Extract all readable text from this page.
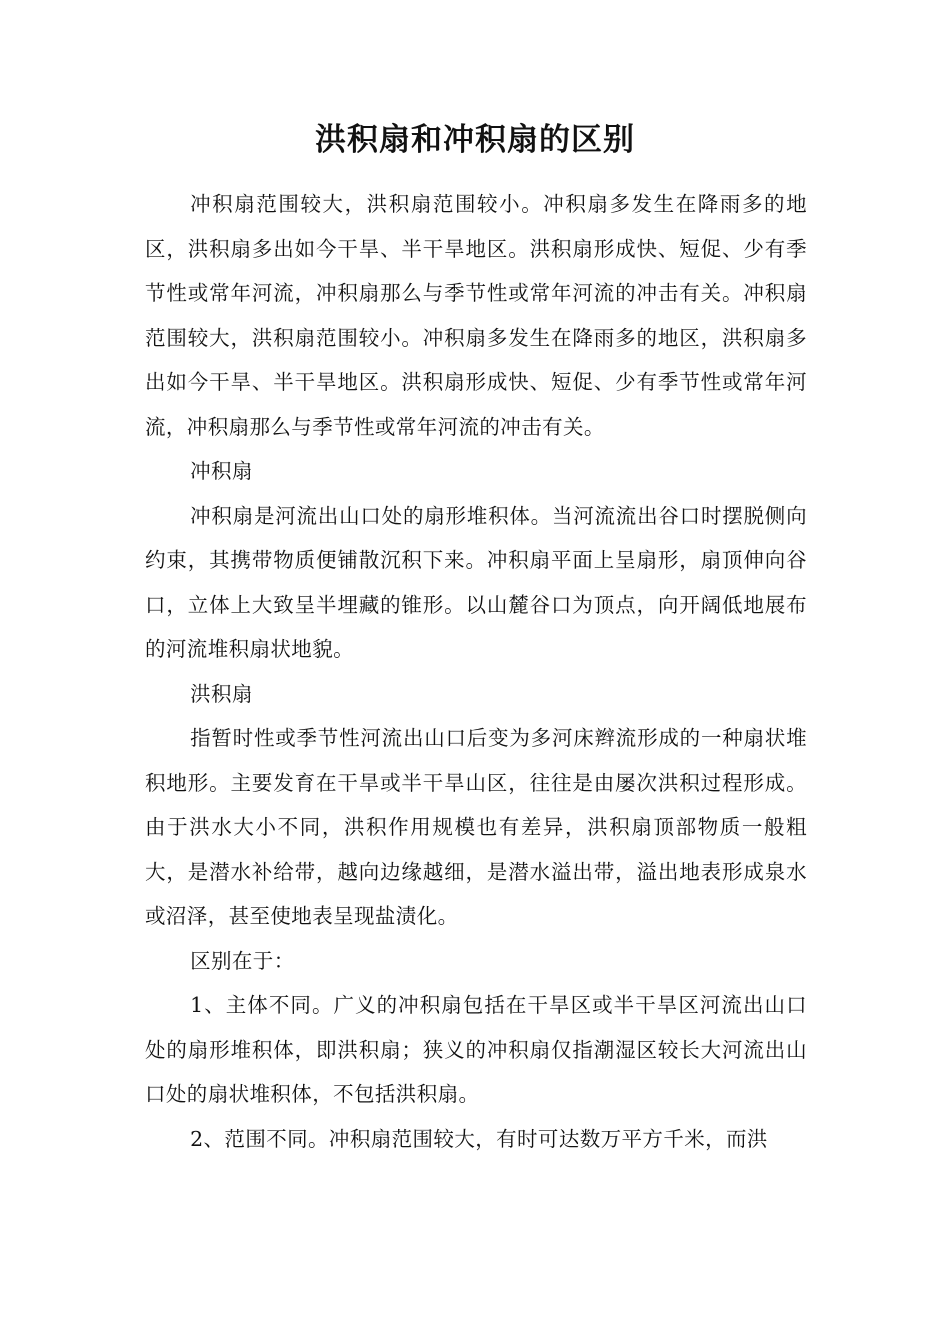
洪积扇和冲积扇的区别

冲积扇范围较大，洪积扇范围较小。冲积扇多发生在降雨多的地区，洪积扇多出如今干旱、半干旱地区。洪积扇形成快、短促、少有季节性或常年河流，冲积扇那么与季节性或常年河流的冲击有关。冲积扇范围较大，洪积扇范围较小。冲积扇多发生在降雨多的地区，洪积扇多出如今干旱、半干旱地区。洪积扇形成快、短促、少有季节性或常年河流，冲积扇那么与季节性或常年河流的冲击有关。

冲积扇

冲积扇是河流出山口处的扇形堆积体。当河流流出谷口时摆脱侧向约束，其携带物质便铺散沉积下来。冲积扇平面上呈扇形，扇顶伸向谷口，立体上大致呈半埋藏的锥形。以山麓谷口为顶点，向开阔低地展布的河流堆积扇状地貌。

洪积扇

指暂时性或季节性河流出山口后变为多河床辫流形成的一种扇状堆积地形。主要发育在干旱或半干旱山区，往往是由屡次洪积过程形成。由于洪水大小不同，洪积作用规模也有差异，洪积扇顶部物质一般粗大，是潜水补给带，越向边缘越细，是潜水溢出带，溢出地表形成泉水或沼泽，甚至使地表呈现盐渍化。

区别在于：

1、主体不同。广义的冲积扇包括在干旱区或半干旱区河流出山口处的扇形堆积体，即洪积扇；狭义的冲积扇仅指潮湿区较长大河流出山口处的扇状堆积体，不包括洪积扇。

2、范围不同。冲积扇范围较大，有时可达数万平方千米，而洪
